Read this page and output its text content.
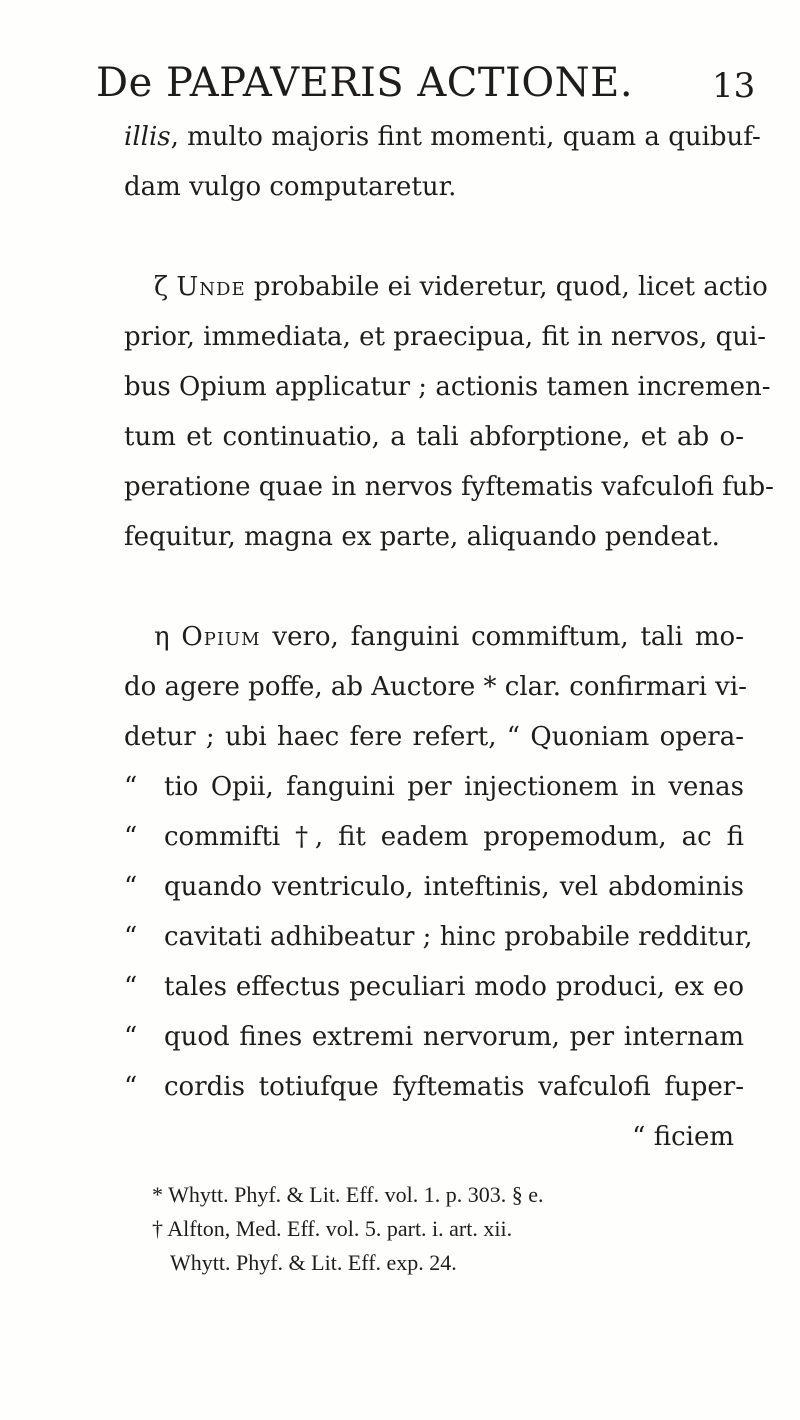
De PAPAVERIS ACTIONE.	13
illis, multo majoris fint momenti, quam a quibuf-
dam vulgo computaretur.
ζ Unde probabile ei videretur, quod, licet actio
prior, immediata, et praecipua, fit in nervos, qui-
bus Opium applicatur ; actionis tamen incremen-
tum et continuatio, a tali abforptione, et ab o-
peratione quae in nervos fyftematis vafculofi fub-
fequitur, magna ex parte, aliquando pendeat.
η Opium vero, fanguini commiftum, tali mo-
do agere poffe, ab Auctore * clar. confirmari vi-
detur ; ubi haec fere refert, “ Quoniam opera-
“ tio Opii, fanguini per injectionem in venas
“ commifti †, fit eadem propemodum, ac fi
“ quando ventriculo, inteftinis, vel abdominis
“ cavitati adhibeatur ; hinc probabile redditur,
“ tales effectus peculiari modo produci, ex eo
“ quod fines extremi nervorum, per internam
“ cordis totiufque fyftematis vafculofi fuper-
“ ficiem
* Whytt. Phyf. & Lit. Eff. vol. 1. p. 303. § e.
† Alfton, Med. Eff. vol. 5. part. i. art. xii.
Whytt. Phyf. & Lit. Eff. exp. 24.
